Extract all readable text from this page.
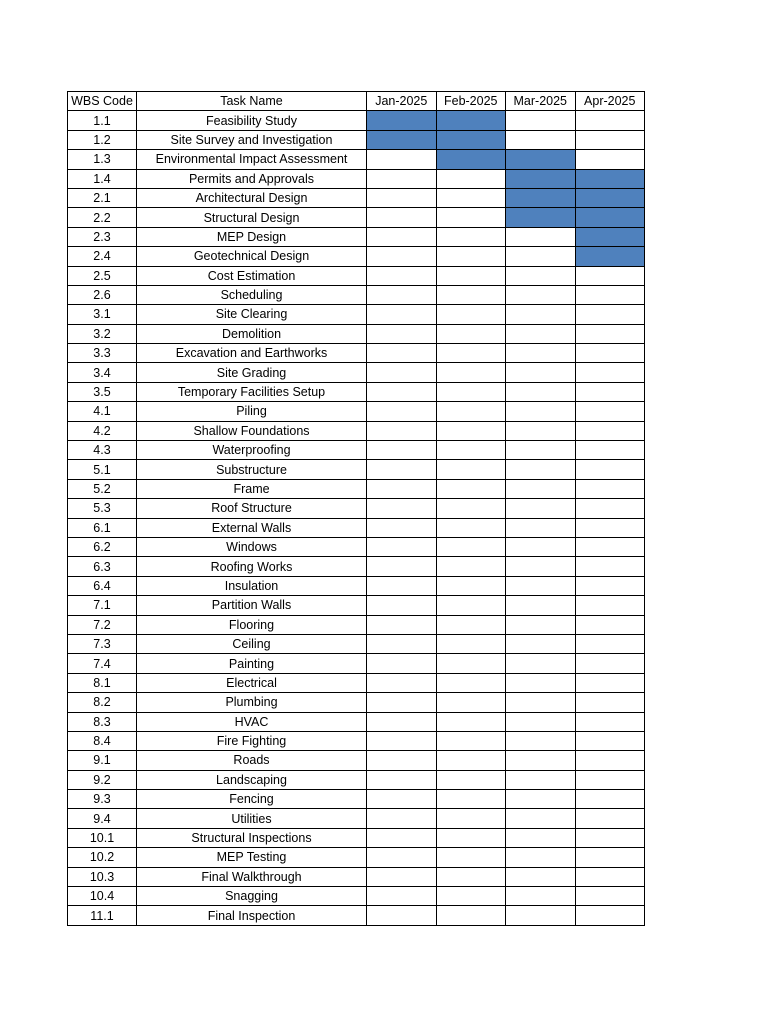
WBS Code	Task Name	Jan-2025	Feb-2025	Mar-2025	Apr-2025
1.1	Feasibility Study				
1.2	Site Survey and Investigation				
1.3	Environmental Impact Assessment				
1.4	Permits and Approvals				
2.1	Architectural Design				
2.2	Structural Design				
2.3	MEP Design				
2.4	Geotechnical Design				
2.5	Cost Estimation				
2.6	Scheduling				
3.1	Site Clearing				
3.2	Demolition				
3.3	Excavation and Earthworks				
3.4	Site Grading				
3.5	Temporary Facilities Setup				
4.1	Piling				
4.2	Shallow Foundations				
4.3	Waterproofing				
5.1	Substructure				
5.2	Frame				
5.3	Roof Structure				
6.1	External Walls				
6.2	Windows				
6.3	Roofing Works				
6.4	Insulation				
7.1	Partition Walls				
7.2	Flooring				
7.3	Ceiling				
7.4	Painting				
8.1	Electrical				
8.2	Plumbing				
8.3	HVAC				
8.4	Fire Fighting				
9.1	Roads				
9.2	Landscaping				
9.3	Fencing				
9.4	Utilities				
10.1	Structural Inspections				
10.2	MEP Testing				
10.3	Final Walkthrough				
10.4	Snagging				
11.1	Final Inspection				
